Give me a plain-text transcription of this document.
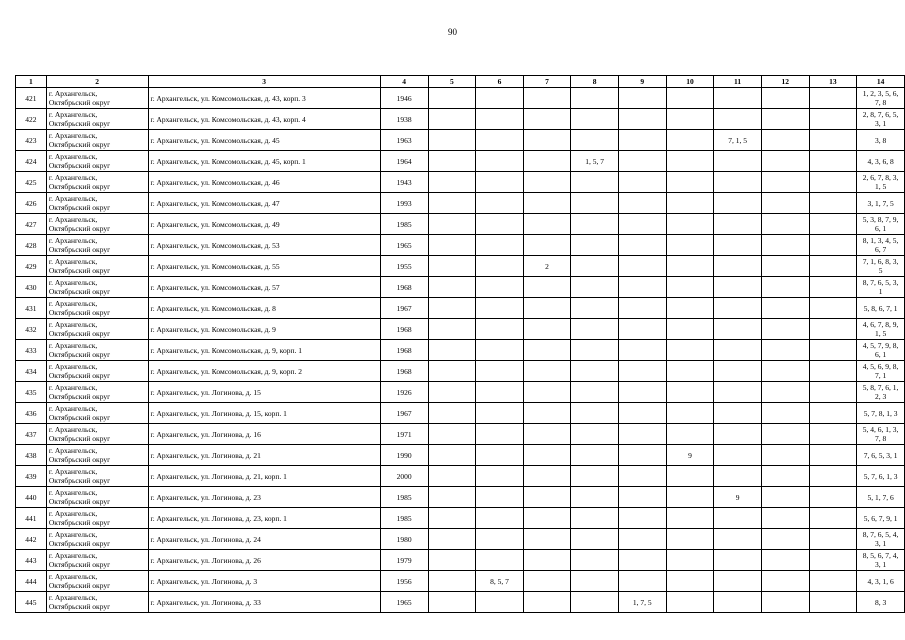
90
1	2	3	4	5	6	7	8	9	10	11	12	13	14
421	г. Архангельск,
Октябрьский округ	г. Архангельск, ул. Комсомольская, д. 43, корп. 3	1946										1, 2, 3, 5, 6,
7, 8
422	г. Архангельск,
Октябрьский округ	г. Архангельск, ул. Комсомольская, д. 43, корп. 4	1938										2, 8, 7, 6, 5,
3, 1
423	г. Архангельск,
Октябрьский округ	г. Архангельск, ул. Комсомольская, д. 45	1963							7, 1, 5			3, 8
424	г. Архангельск,
Октябрьский округ	г. Архангельск, ул. Комсомольская, д. 45, корп. 1	1964				1, 5, 7						4, 3, 6, 8
425	г. Архангельск,
Октябрьский округ	г. Архангельск, ул. Комсомольская, д. 46	1943										2, 6, 7, 8, 3,
1, 5
426	г. Архангельск,
Октябрьский округ	г. Архангельск, ул. Комсомольская, д. 47	1993										3, 1, 7, 5
427	г. Архангельск,
Октябрьский округ	г. Архангельск, ул. Комсомольская, д. 49	1985										5, 3, 8, 7, 9,
6, 1
428	г. Архангельск,
Октябрьский округ	г. Архангельск, ул. Комсомольская, д. 53	1965										8, 1, 3, 4, 5,
6, 7
429	г. Архангельск,
Октябрьский округ	г. Архангельск, ул. Комсомольская, д. 55	1955			2							7, 1, 6, 8, 3,
5
430	г. Архангельск,
Октябрьский округ	г. Архангельск, ул. Комсомольская, д. 57	1968										8, 7, 6, 5, 3,
1
431	г. Архангельск,
Октябрьский округ	г. Архангельск, ул. Комсомольская, д. 8	1967										5, 8, 6, 7, 1
432	г. Архангельск,
Октябрьский округ	г. Архангельск, ул. Комсомольская, д. 9	1968										4, 6, 7, 8, 9,
1, 5
433	г. Архангельск,
Октябрьский округ	г. Архангельск, ул. Комсомольская, д. 9, корп. 1	1968										4, 5, 7, 9, 8,
6, 1
434	г. Архангельск,
Октябрьский округ	г. Архангельск, ул. Комсомольская, д. 9, корп. 2	1968										4, 5, 6, 9, 8,
7, 1
435	г. Архангельск,
Октябрьский округ	г. Архангельск, ул. Логинова, д. 15	1926										5, 8, 7, 6, 1,
2, 3
436	г. Архангельск,
Октябрьский округ	г. Архангельск, ул. Логинова, д. 15, корп. 1	1967										5, 7, 8, 1, 3
437	г. Архангельск,
Октябрьский округ	г. Архангельск, ул. Логинова, д. 16	1971										5, 4, 6, 1, 3,
7, 8
438	г. Архангельск,
Октябрьский округ	г. Архангельск, ул. Логинова, д. 21	1990						9				7, 6, 5, 3, 1
439	г. Архангельск,
Октябрьский округ	г. Архангельск, ул. Логинова, д. 21, корп. 1	2000										5, 7, 6, 1, 3
440	г. Архангельск,
Октябрьский округ	г. Архангельск, ул. Логинова, д. 23	1985							9			5, 1, 7, 6
441	г. Архангельск,
Октябрьский округ	г. Архангельск, ул. Логинова, д. 23, корп. 1	1985										5, 6, 7, 9, 1
442	г. Архангельск,
Октябрьский округ	г. Архангельск, ул. Логинова, д. 24	1980										8, 7, 6, 5, 4,
3, 1
443	г. Архангельск,
Октябрьский округ	г. Архангельск, ул. Логинова, д. 26	1979										8, 5, 6, 7, 4,
3, 1
444	г. Архангельск,
Октябрьский округ	г. Архангельск, ул. Логинова, д. 3	1956		8, 5, 7								4, 3, 1, 6
445	г. Архангельск,
Октябрьский округ	г. Архангельск, ул. Логинова, д. 33	1965					1, 7, 5					8, 3
